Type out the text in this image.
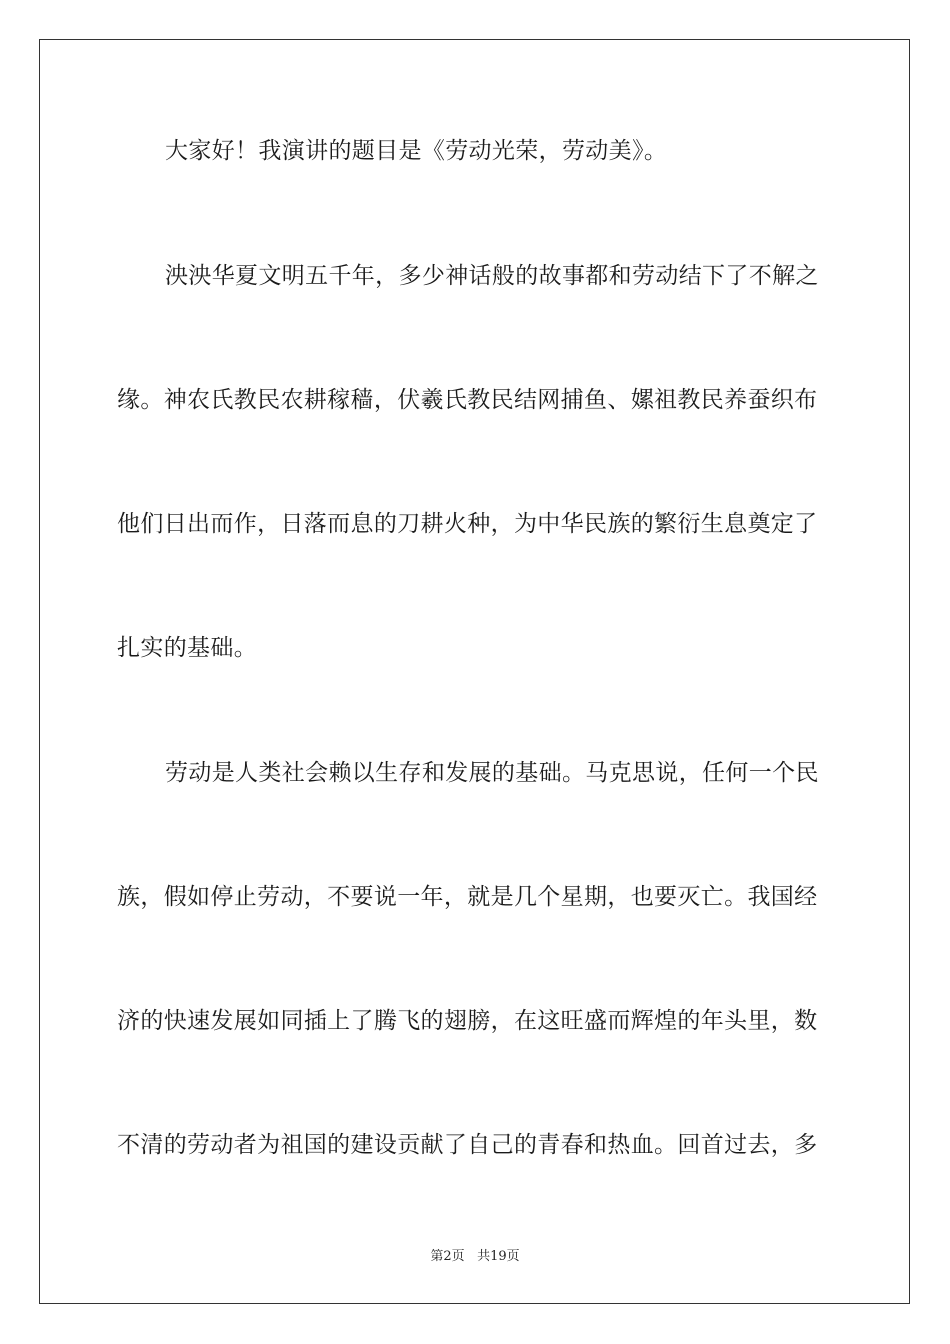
大家好！我演讲的题目是《劳动光荣，劳动美》。
泱泱华夏文明五千年，多少神话般的故事都和劳动结下了不解之
缘。神农氏教民农耕稼穑，伏羲氏教民结网捕鱼、嫘祖教民养蚕织布
他们日出而作，日落而息的刀耕火种，为中华民族的繁衍生息奠定了
扎实的基础。
劳动是人类社会赖以生存和发展的基础。马克思说，任何一个民
族，假如停止劳动，不要说一年，就是几个星期，也要灭亡。我国经
济的快速发展如同插上了腾飞的翅膀，在这旺盛而辉煌的年头里，数
不清的劳动者为祖国的建设贡献了自己的青春和热血。回首过去，多
第2页 共19页
